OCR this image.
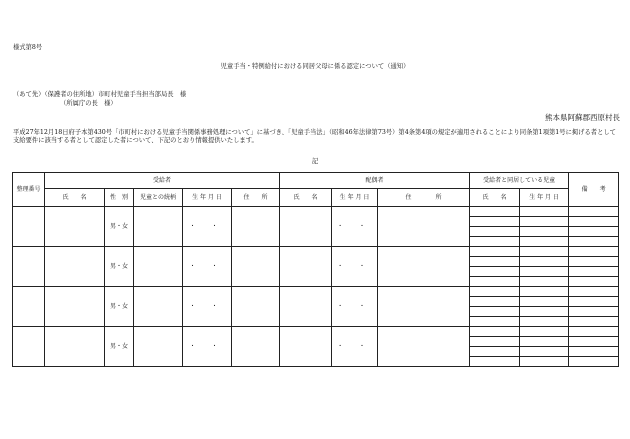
様式第8号
児童手当・特例給付における同居父母に係る認定について（通知）
（あて先）（保護者の住所地）市町村児童手当担当部局長　様
（所属庁の長　様）
熊本県阿蘇郡西原村長
平成27年12月18日府子本第430号「市町村における児童手当関係事務処理について」に基づき、「児童手当法」（昭和46年法律第73号）第4条第4項の規定が適用されることにより同条第1項第1号に掲げる者として支給要件に該当する者として認定した者について、下記のとおり情報提供いたします。
記
整理番号	受給者					配偶者			受給者と同居している児童		備　　考
	氏　　名	性　別	児童との続柄	生 年 月 日	住　　所	氏　　名	生 年 月 日	住　　　　所	氏　　名	生 年 月 日	
		男・女		・ ・			・ ・				

		男・女		・ ・			・ ・				

		男・女		・ ・			・ ・				

		男・女		・ ・			・ ・				
